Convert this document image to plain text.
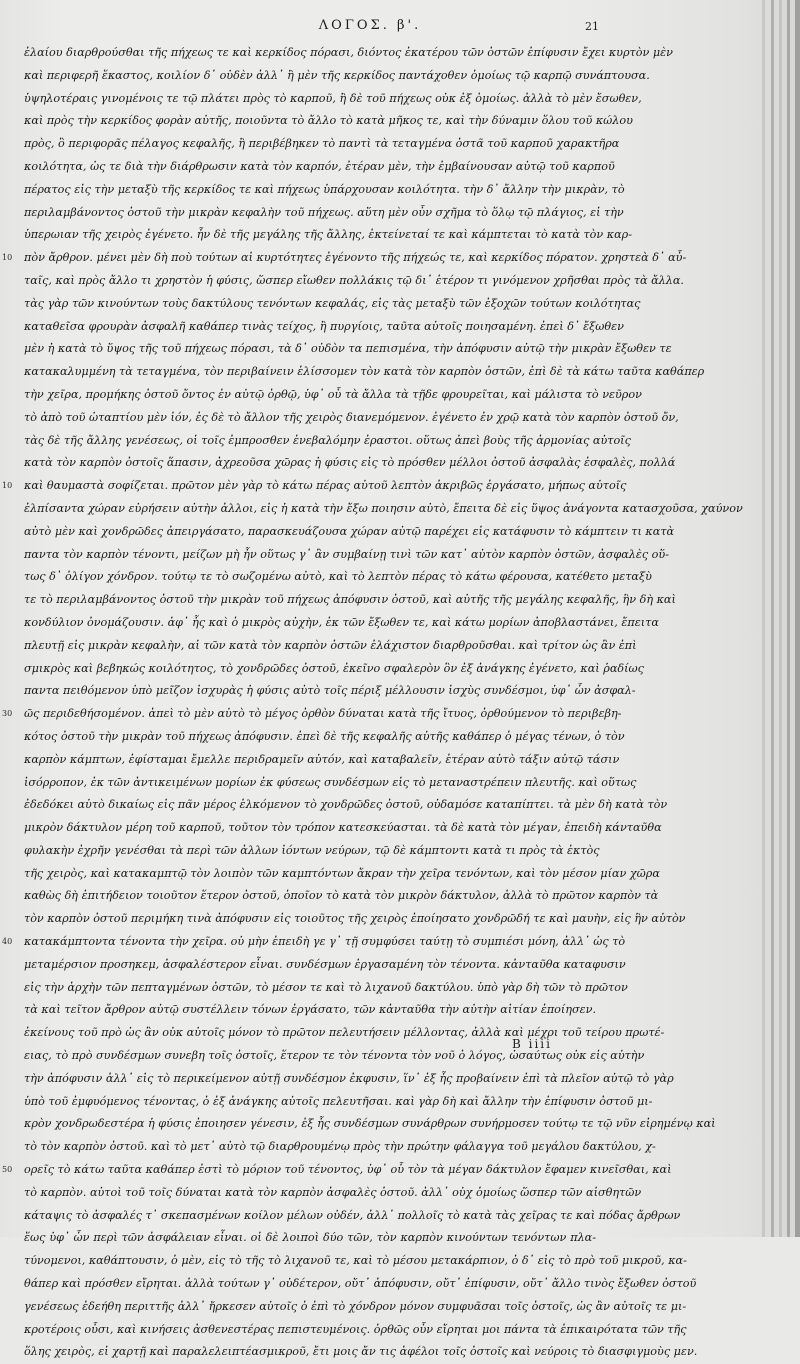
ΛΟΓΟΣ. β'.	21
ἐλαίου διαρθρούσθαι τῆς πήχεως τε καὶ κερκίδος πόρασι, διόντος ἐκατέρου τῶν ὀστῶν ἐπίφυσιν ἔχει κυρτὸν μὲν
καὶ περιφερῆ ἕκαστος, κοιλίον δ᾿ οὐδὲν ἀλλ᾿ ἢ μὲν τῆς κερκίδος παντάχοθεν ὁμοίως τῷ καρπῷ συνάπτουσα.
ὑψηλοτέραις γινομένοις τε τῷ πλάτει πρὸς τὸ καρποῦ, ἢ δὲ τοῦ πήχεως οὐκ ἐξ ὁμοίως. ἀλλὰ τὸ μὲν ἔσωθεν,
καὶ πρὸς τὴν κερκίδος φορὰν αὐτῆς, ποιοῦντα τὸ ἄλλο τὸ κατὰ μῆκος τε, καὶ τὴν δύναμιν ὅλου τοῦ κώλου
πρὸς, ὃ περιφορᾶς πέλαγος κεφαλῆς, ἢ περιβέβηκεν τὸ παντὶ τὰ τεταγμένα ὀστᾶ τοῦ καρποῦ χαρακτῆρα
κοιλότητα, ὡς τε διὰ τὴν διάρθρωσιν κατὰ τὸν καρπόν, ἐτέραν μὲν, τὴν ἐμβαίνουσαν αὐτῷ τοῦ καρποῦ
πέρατος εἰς τὴν μεταξὺ τῆς κερκίδος τε καὶ πήχεως ὑπάρχουσαν κοιλότητα. τὴν δ᾿ ἄλλην τὴν μικρὰν, τὸ
περιλαμβάνοντος ὀστοῦ τὴν μικρὰν κεφαλὴν τοῦ πήχεως. αὕτη μὲν οὖν σχῆμα τὸ ὅλῳ τῷ πλάγιος, εἰ τὴν
ὑπερωιαν τῆς χειρὸς ἐγένετο. ἦν δὲ τῆς μεγάλης τῆς ἄλλης, ἐκτείνεταί τε καὶ κάμπτεται τὸ κατὰ τὸν καρ-
πὸν ἄρθρον. μένει μὲν δὴ ποὺ τούτων αἱ κυρτότητες ἐγένοντο τῆς πήχεώς τε, καὶ κερκίδος πόρατον. χρηστεὰ δ᾿ αὖ-
10
ταῖς, καὶ πρὸς ἄλλο τι χρηστὸν ἡ φύσις, ὥσπερ εἴωθεν πολλάκις τῷ δι᾿ ἑτέρον τι γινόμενον χρῆσθαι πρὸς τὰ ἄλλα.
τὰς γὰρ τῶν κινούντων τοὺς δακτύλους τενόντων κεφαλάς, εἰς τὰς μεταξὺ τῶν ἐξοχῶν τούτων κοιλότητας
καταθεῖσα φρουρὰν ἀσφαλῆ καθάπερ τινὰς τείχος, ἢ πυργίοις, ταῦτα αὐτοῖς ποιησαμένη. ἐπεὶ δ᾿ ἔξωθεν
μὲν ἡ κατὰ τὸ ὕψος τῆς τοῦ πήχεως πόρασι, τὰ δ᾿ οὐδὸν τα πεπισμένα, τὴν ἀπόφυσιν αὐτῷ τὴν μικρὰν ἔξωθεν τε
κατακαλυμμένη τὰ τεταγμένα, τὸν περιβαίνειν ἑλίσσομεν τὸν κατὰ τὸν καρπὸν ὀστῶν, ἐπὶ δὲ τὰ κάτω ταῦτα καθάπερ
τὴν χεῖρα, προμήκης ὀστοῦ ὄντος ἐν αὐτῷ ὀρθῷ, ὑφ᾿ οὗ τὰ ἄλλα τὰ τῇδε φρουρεῖται, καὶ μάλιστα τὸ νεῦρον
τὸ ἀπὸ τοῦ ὠταπτίου μὲν ἰόν, ἐς δὲ τὸ ἄλλον τῆς χειρὸς διανεμόμενον. ἐγένετο ἐν χρῷ κατὰ τὸν καρπὸν ὀστοῦ ὄν,
τὰς δὲ τῆς ἄλλης γενέσεως, οἱ τοῖς ἐμπροσθεν ἐνεβαλόμην ἐραστοι. οὕτως ἀπεὶ βοὺς τῆς ἁρμονίας αὐτοῖς
κατὰ τὸν καρπὸν ὀστοῖς ἅπασιν, ἀχρεοῦσα χῶρας ἡ φύσις εἰς τὸ πρόσθεν μέλλοι ὀστοῦ ἀσφαλὰς ἐσφαλὲς, πολλά
καὶ θαυμαστὰ σοφίζεται. πρῶτον μὲν γὰρ τὸ κάτω πέρας αὐτοῦ λεπτὸν ἀκριβῶς ἐργάσατο, μήπως αὐτοῖς
10
ἐλπίσαντα χώραν εὑρήσειν αὐτὴν ἀλλοι, εἰς ἡ κατὰ τὴν ἔξω ποιησιν αὐτὸ, ἔπειτα δὲ εἰς ὕψος ἀνάγοντα κατασχοῦσα, χαύνον
αὐτὸ μὲν καὶ χονδρῶδες ἀπειργάσατο, παρασκευάζουσα χώραν αὐτῷ παρέχει εἰς κατάφυσιν τὸ κάμπτειν τι κατὰ
παντα τὸν καρπὸν τένοντι, μείζων μὴ ἦν οὕτως γ᾿ ἂν συμβαίνῃ τινὶ τῶν κατ᾿ αὐτὸν καρπὸν ὀστῶν, ἀσφαλὲς οὕ-
τως δ᾿ ὀλίγον χόνδρον. τούτῳ τε τὸ σωζομένω αὐτὸ, καὶ τὸ λεπτὸν πέρας τὸ κάτω φέρουσα, κατέθετο μεταξὺ
τε τὸ περιλαμβάνοντος ὀστοῦ τὴν μικρὰν τοῦ πήχεως ἀπόφυσιν ὀστοῦ, καὶ αὐτῆς τῆς μεγάλης κεφαλῆς, ἣν δὴ καὶ
κονδύλιον ὀνομάζουσιν. ἀφ᾿ ἧς καὶ ὁ μικρὸς αὐχὴν, ἐκ τῶν ἔξωθεν τε, καὶ κάτω μορίων ἀποβλαστάνει, ἔπειτα
πλευτῇ εἰς μικρὰν κεφαλὴν, αἱ τῶν κατὰ τὸν καρπὸν ὀστῶν ἐλάχιστον διαρθροῦσθαι. καὶ τρίτον ὡς ἂν ἐπὶ
σμικρὸς καὶ βεβηκώς κοιλότητος, τὸ χονδρῶδες ὀστοῦ, ἐκεῖνο σφαλερὸν ὃν ἐξ ἀνάγκης ἐγένετο, καὶ ῥαδίως
παντα πειθόμενον ὑπὸ μεῖζον ἰσχυρὰς ἡ φύσις αὐτὸ τοῖς πέριξ μέλλουσιν ἰσχὺς συνδέσμοι, ὑφ᾿ ὧν ἀσφαλ-
ῶς περιδεθήσομένον. ἀπεὶ τὸ μὲν αὐτὸ τὸ μέγος ὀρθὸν δύναται κατὰ τῆς ἴτυος, ὀρθούμενον τὸ περιβεβη-
30
κότος ὀστοῦ τὴν μικρὰν τοῦ πήχεως ἀπόφυσιν. ἐπεὶ δὲ τῆς κεφαλῆς αὐτῆς καθάπερ ὁ μέγας τένων, ὁ τὸν
καρπὸν κάμπτων, ἐφίσταμαι ἔμελλε περιδραμεῖν αὐτόν, καὶ καταβαλεῖν, ἑτέραν αὐτὸ τάξιν αὐτῷ τάσιν
ἰσόρροπον, ἐκ τῶν ἀντικειμένων μορίων ἐκ φύσεως συνδέσμων εἰς τὸ μεταναστρέπειν πλευτῆς. καὶ οὕτως
ἐδεδόκει αὐτὸ δικαίως εἰς πᾶν μέρος ἑλκόμενον τὸ χονδρῶδες ὀστοῦ, οὐδαμόσε καταπίπτει. τὰ μὲν δὴ κατὰ τὸν
μικρὸν δάκτυλον μέρη τοῦ καρποῦ, τοῦτον τὸν τρόπον κατεσκεύασται. τὰ δὲ κατὰ τὸν μέγαν, ἐπειδὴ κάνταῦθα
φυλακὴν ἐχρῆν γενέσθαι τὰ περὶ τῶν ἀλλων ἰόντων νεύρων, τῷ δὲ κάμπτοντι κατὰ τι πρὸς τὰ ἐκτὸς
τῆς χειρὸς, καὶ κατακαμπτῷ τὸν λοιπὸν τῶν καμπτόντων ἄκραν τὴν χεῖρα τενόντων, καὶ τὸν μέσον μίαν χῶρα
καθὼς δὴ ἐπιτήδειον τοιοῦτον ἕτερον ὀστοῦ, ὁποῖον τὸ κατὰ τὸν μικρὸν δάκτυλον, ἀλλὰ τὸ πρῶτον καρπὸν τὰ
τὸν καρπὸν ὀστοῦ περιμήκη τινὰ ἀπόφυσιν εἰς τοιοῦτος τῆς χειρὸς ἐποίησατο χονδρῶδή τε καὶ μαυὴν, εἰς ἣν αὐτὸν
κατακάμπτοντα τένοντα τὴν χεῖρα. οὐ μὴν ἐπειδὴ γε γ᾿ τῇ συμφύσει ταύτῃ τὸ συμπιέσι μόνη, ἀλλ᾿ ὡς τὸ
40
μεταμέρσιον προσηκεμ, ἀσφαλέστερον εἶναι. συνδέσμων ἐργασαμένη τὸν τένοντα. κἀνταῦθα καταφυσιν
εἰς τὴν ἀρχὴν τῶν πεπταγμένων ὀστῶν, τὸ μέσον τε καὶ τὸ λιχανοῦ δακτύλου. ὑπὸ γὰρ δὴ τῶν τὸ πρῶτον
τὰ καὶ τεῖτον ἄρθρον αὐτῷ συστέλλειν τόνων ἐργάσατο, τῶν κἀνταῦθα τὴν αὐτὴν αἰτίαν ἐποίησεν.
ἐκείνους τοῦ πρὸ ὡς ἂν οὐκ αὐτοῖς μόνον τὸ πρῶτον πελευτήσειν μέλλοντας, ἀλλὰ καὶ μέχρι τοῦ τείρου πρωτέ-
ειας, τὸ πρὸ συνδέσμων συνεβη τοῖς ὀστοῖς, ἕτερον τε τὸν τένοντα τὸν νοῦ ὁ λόγος, ὡσαύτως οὐκ εἰς αὐτὴν
τὴν ἀπόφυσιν ἀλλ᾿ εἰς τὸ περικείμενον αὐτῇ συνδέσμον ἐκφυσιν, ἵν᾿ ἐξ ἧς προβαίνειν ἐπὶ τὰ πλεῖον αὐτῷ τὸ γὰρ
ὑπὸ τοῦ ἐμφυόμενος τένοντας, ὁ ἐξ ἀνάγκης αὐτοῖς πελευτῆσαι. καὶ γὰρ δὴ καὶ ἄλλην τὴν ἐπίφυσιν ὀστοῦ μι-
κρὸν χονδρωδεστέρα ἡ φύσις ἐποιησεν γένεσιν, ἐξ ἧς συνδέσμων συνάρθρων συνήρμοσεν τούτῳ τε τῷ νῦν εἰρημένῳ καὶ
τὸ τὸν καρπὸν ὀστοῦ. καὶ τὸ μετ᾿ αὐτὸ τῷ διαρθρουμένῳ πρὸς τὴν πρώτην φάλαγγα τοῦ μεγάλου δακτύλου, χ-
ορεῖς τὸ κάτω ταῦτα καθάπερ ἐστὶ τὸ μόριον τοῦ τένοντος, ὑφ᾿ οὗ τὸν τὰ μέγαν δάκτυλον ἔφαμεν κινεῖσθαι, καὶ
50
τὸ καρπὸν. αὐτοὶ τοῦ τοῖς δύναται κατὰ τὸν καρπὸν ἀσφαλὲς ὀστοῦ. ἀλλ᾿ οὐχ ὁμοίως ὥσπερ τῶν αἰσθητῶν
κάταψις τὸ ἀσφαλές τ᾿ σκεπασμένων κοίλον μέλων οὐδέν, ἀλλ᾿ πολλοῖς τὸ κατὰ τὰς χεῖρας τε καὶ πόδας ἄρθρων
ἕως ὑφ᾿ ὧν περὶ τῶν ἀσφάλειαν εἶναι. οἱ δὲ λοιποὶ δύο τῶν, τὸν καρπὸν κινούντων τενόντων πλα-
τύνομενοι, καθάπτουσιν, ὁ μὲν, εἰς τὸ τῆς τὸ λιχανοῦ τε, καὶ τὸ μέσου μετακάρπιον, ὁ δ᾿ εἰς τὸ πρὸ τοῦ μικροῦ, κα-
θάπερ καὶ πρόσθεν εἴρηται. ἀλλὰ τούτων γ᾿ οὐδέτερον, οὔτ᾿ ἀπόφυσιν, οὔτ᾿ ἐπίφυσιν, οὔτ᾿ ἄλλο τινὸς ἔξωθεν ὀστοῦ
γενέσεως ἐδεήθη περιττῆς ἀλλ᾿ ἤρκεσεν αὐτοῖς ὁ ἐπὶ τὸ χόνδρον μόνον συμφυᾶσαι τοῖς ὀστοῖς, ὡς ἂν αὐτοῖς τε μι-
κροτέροις οὖσι, καὶ κινήσεις ἀσθενεστέρας πεπιστευμένοις. ὀρθῶς οὖν εἴρηται μοι πάντα τὰ ἐπικαιρότατα τῶν τῆς
ὅλης χειρὸς, εἰ χαρτῇ καὶ παραλελειπτέασμικροῦ, ἔτι μοις ἄν τις ἀφέλοι τοῖς ὀστοῖς καὶ νεύροις τὸ διασφιγμοὺς μεν.
B iiii
